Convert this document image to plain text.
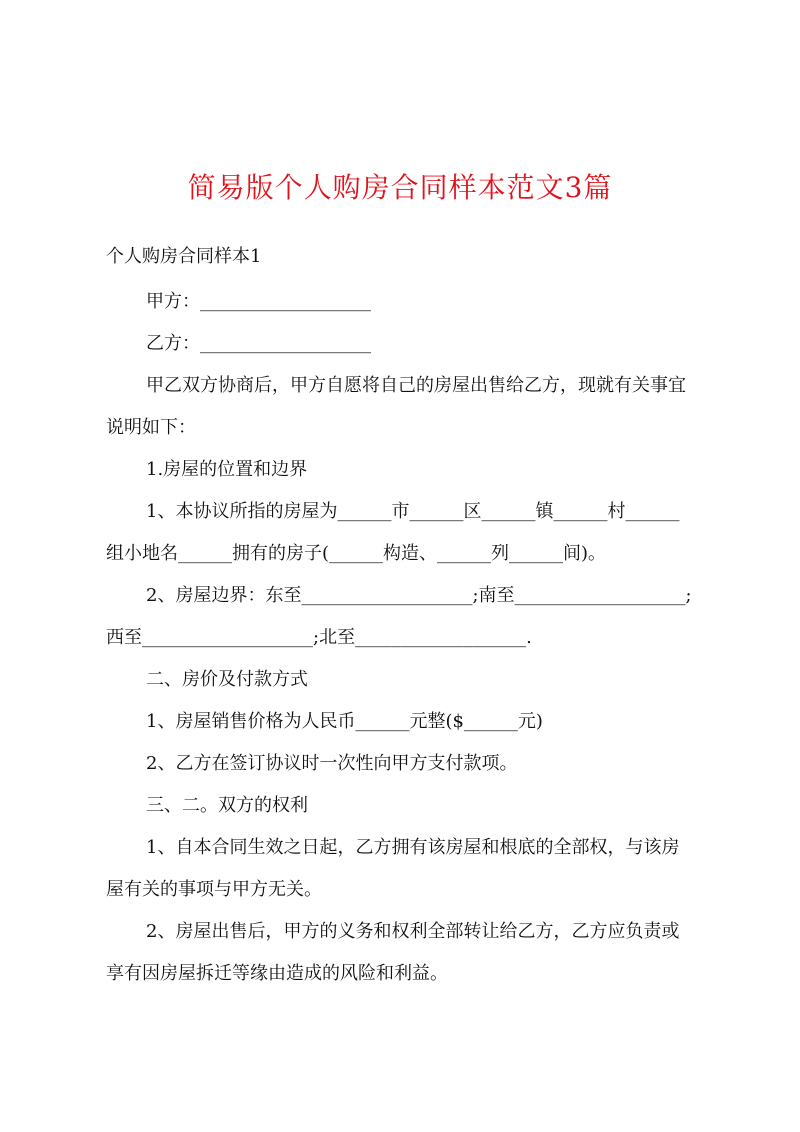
简易版个人购房合同样本范文3篇
个人购房合同样本1
甲方：___________________
乙方：___________________
甲乙双方协商后，甲方自愿将自己的房屋出售给乙方，现就有关事宜
说明如下：
1.房屋的位置和边界
1、本协议所指的房屋为______市______区______镇______村______
组小地名______拥有的房子(______构造、______列______间)。
2、房屋边界：东至___________________;南至___________________;
西至___________________;北至___________________.
二、房价及付款方式
1、房屋销售价格为人民币______元整($______元)
2、乙方在签订协议时一次性向甲方支付款项。
三、二。双方的权利
1、自本合同生效之日起，乙方拥有该房屋和根底的全部权，与该房
屋有关的事项与甲方无关。
2、房屋出售后，甲方的义务和权利全部转让给乙方，乙方应负责或
享有因房屋拆迁等缘由造成的风险和利益。
